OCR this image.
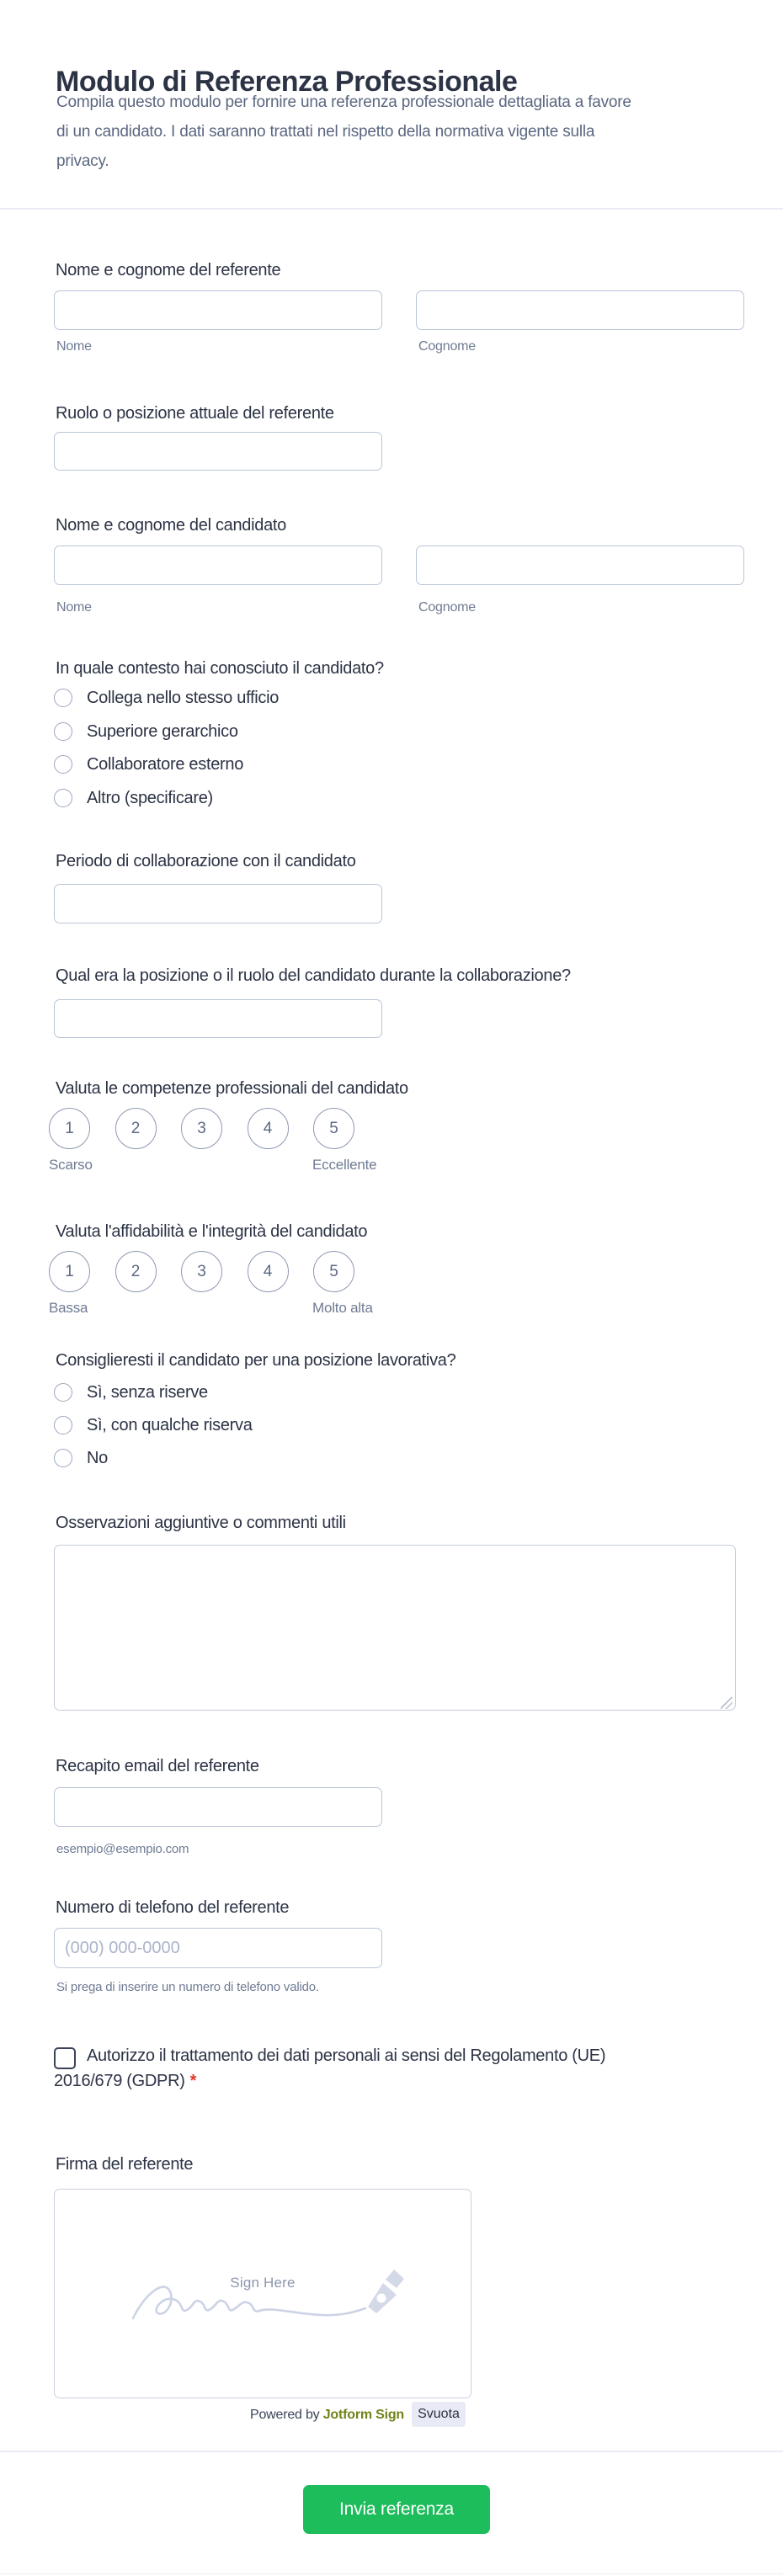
Modulo di Referenza Professionale
Compila questo modulo per fornire una referenza professionale dettagliata a favore
di un candidato. I dati saranno trattati nel rispetto della normativa vigente sulla
privacy.
Nome e cognome del referente
Nome	Cognome
Ruolo o posizione attuale del referente
Nome e cognome del candidato
Nome	Cognome
In quale contesto hai conosciuto il candidato?
Collega nello stesso ufficio
Superiore gerarchico
Collaboratore esterno
Altro (specificare)
Periodo di collaborazione con il candidato
Qual era la posizione o il ruolo del candidato durante la collaborazione?
Valuta le competenze professionali del candidato
1	2	3	4	5
Scarso	Eccellente
Valuta l'affidabilità e l'integrità del candidato
1	2	3	4	5
Bassa	Molto alta
Consiglieresti il candidato per una posizione lavorativa?
Sì, senza riserve
Sì, con qualche riserva
No
Osservazioni aggiuntive o commenti utili
Recapito email del referente
esempio@esempio.com
Numero di telefono del referente
(000) 000-0000
Si prega di inserire un numero di telefono valido.
Autorizzo il trattamento dei dati personali ai sensi del Regolamento (UE)
2016/679 (GDPR) *
Firma del referente
Sign Here
Powered by Jotform Sign	Svuota
Invia referenza
